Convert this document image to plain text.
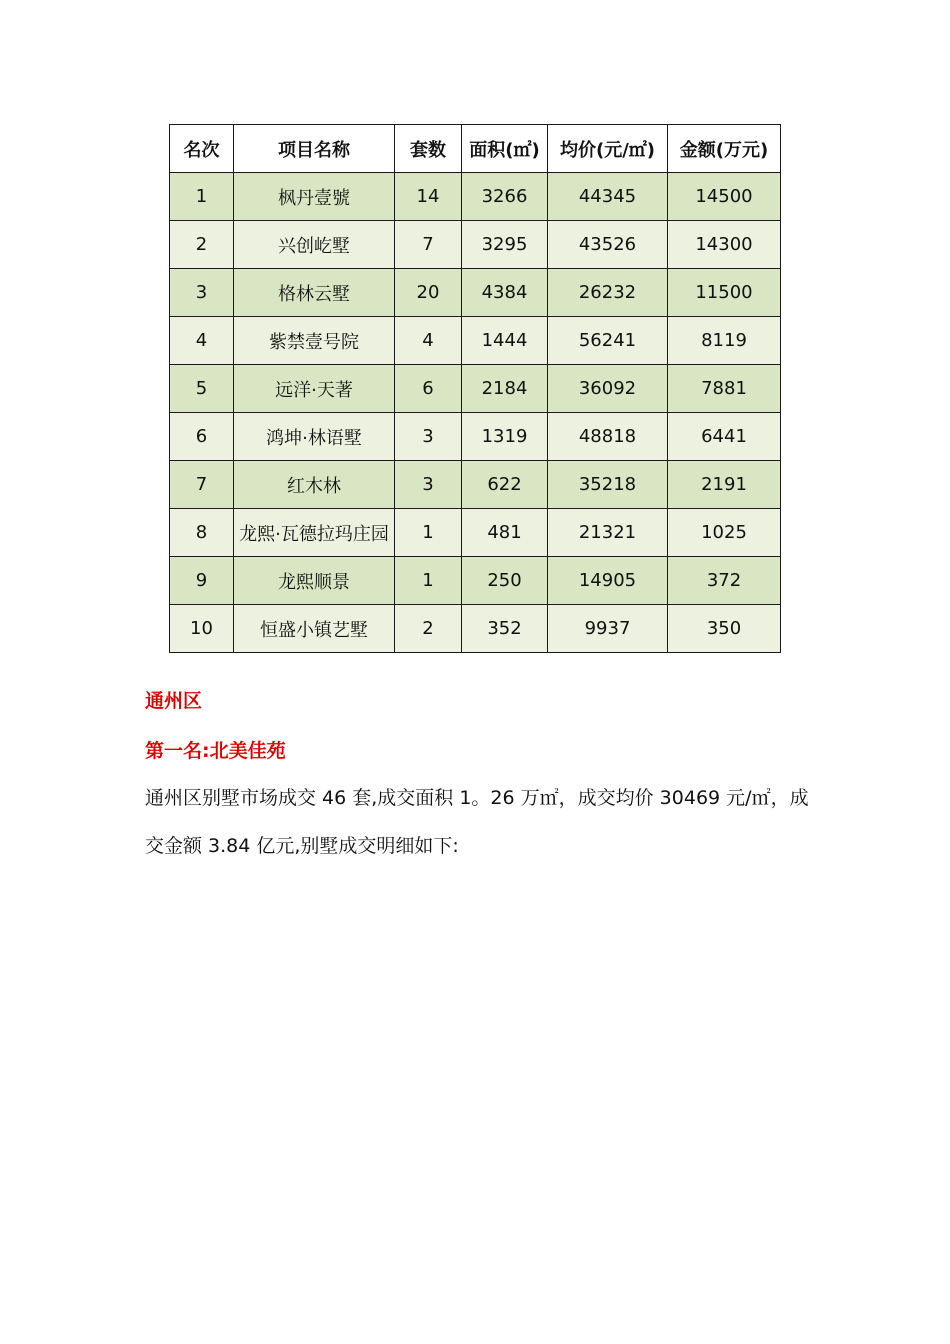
名次	项目名称	套数	面积(㎡)	均价(元/㎡)	金额(万元)
1	枫丹壹號	14	3266	44345	14500
2	兴创屹墅	7	3295	43526	14300
3	格林云墅	20	4384	26232	11500
4	紫禁壹号院	4	1444	56241	8119
5	远洋·天著	6	2184	36092	7881
6	鸿坤·林语墅	3	1319	48818	6441
7	红木林	3	622	35218	2191
8	龙熙·瓦德拉玛庄园	1	481	21321	1025
9	龙熙顺景	1	250	14905	372
10	恒盛小镇艺墅	2	352	9937	350
通州区
第一名:北美佳苑
通州区别墅市场成交 46 套,成交面积 1。26 万㎡，成交均价 30469 元/㎡，成交金额 3.84 亿元,别墅成交明细如下:
